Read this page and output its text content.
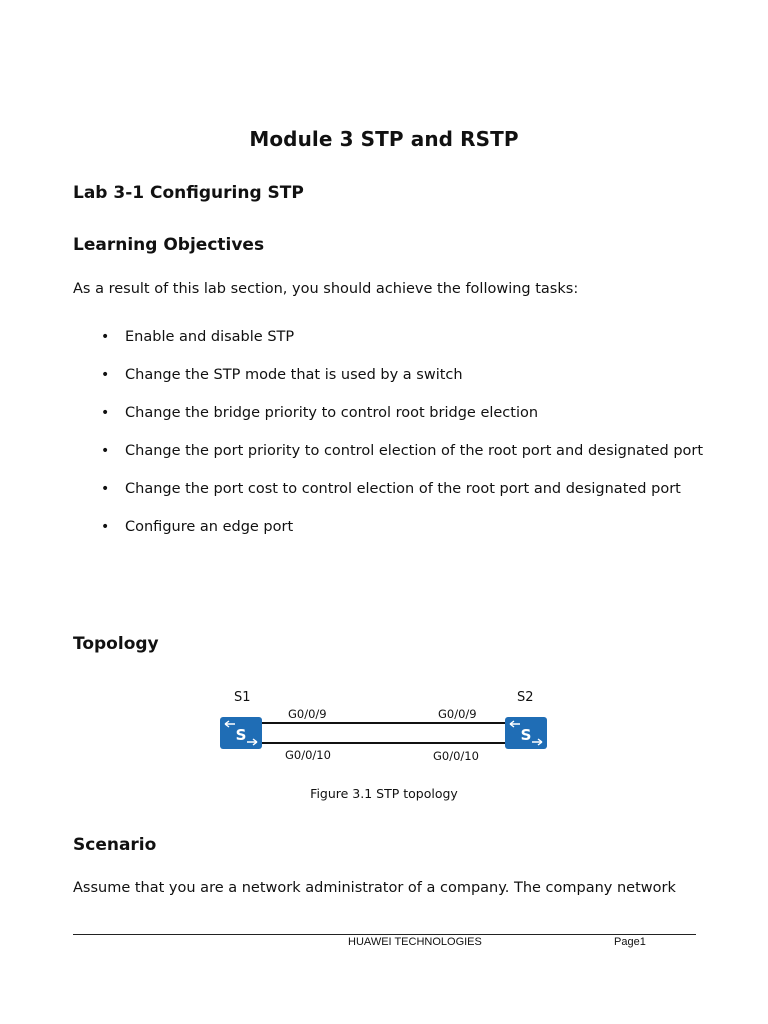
Module 3 STP and RSTP
Lab 3-1 Configuring STP
Learning Objectives
As a result of this lab section, you should achieve the following tasks:
• Enable and disable STP
• Change the STP mode that is used by a switch
• Change the bridge priority to control root bridge election
• Change the port priority to control election of the root port and designated port
• Change the port cost to control election of the root port and designated port
• Configure an edge port
Topology
S	S
S1	S2
G0/0/9	G0/0/9
G0/0/10	G0/0/10
Figure 3.1 STP topology
Scenario
Assume that you are a network administrator of a company. The company network
HUAWEI TECHNOLOGIES	Page1
